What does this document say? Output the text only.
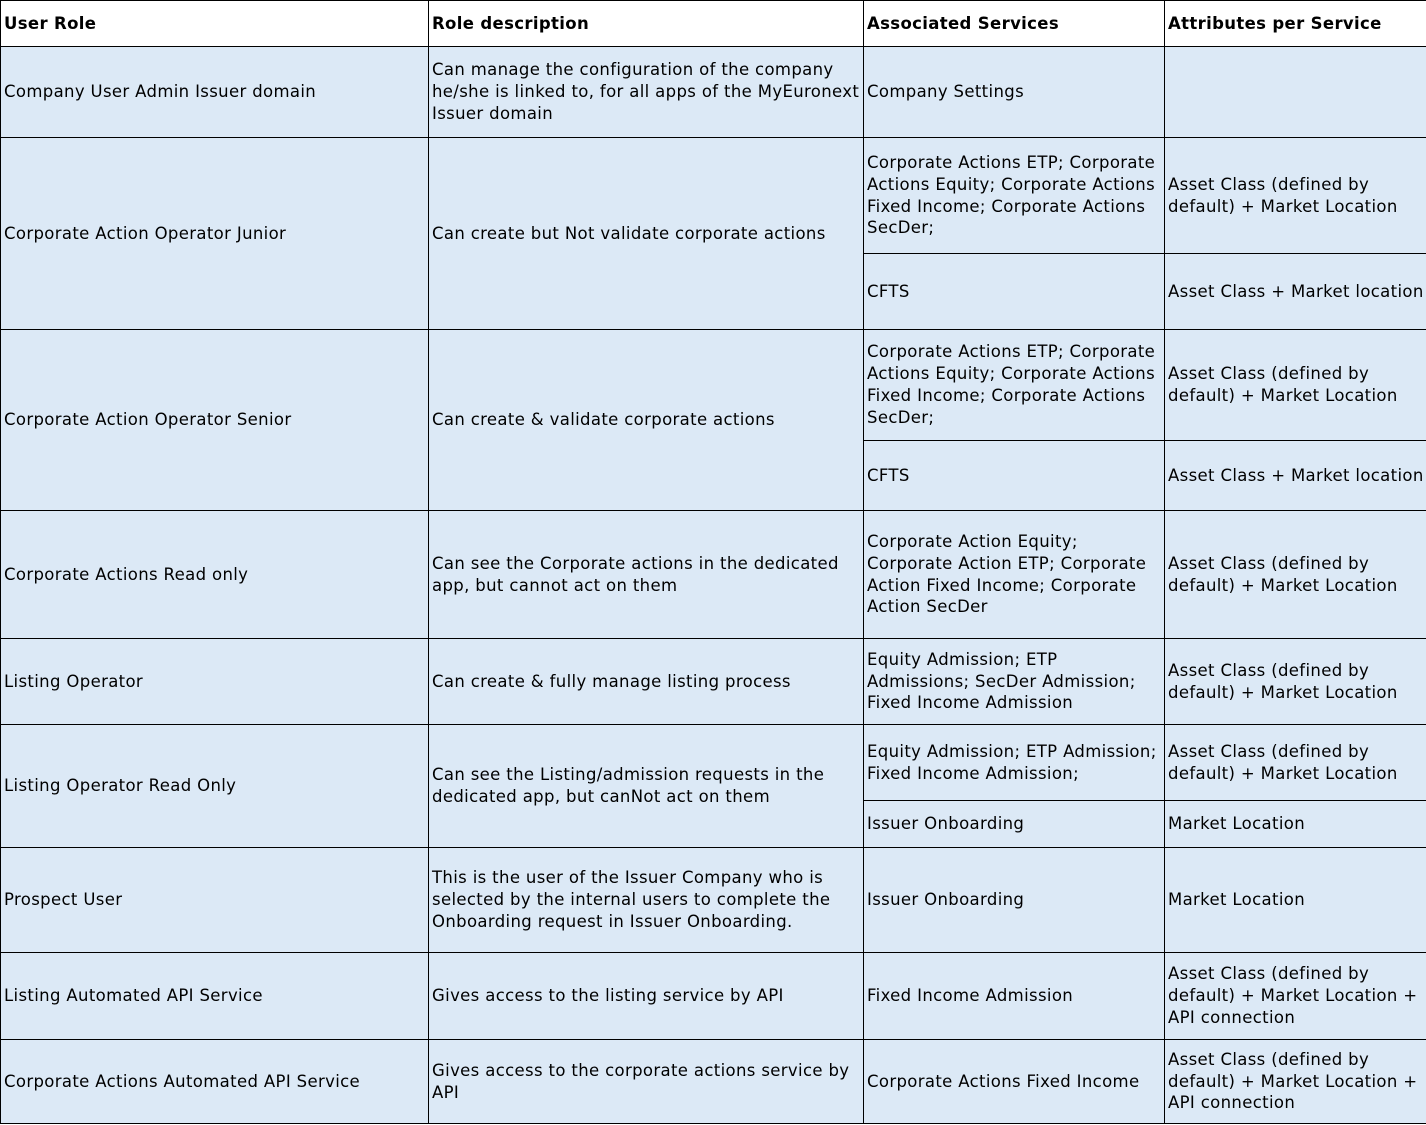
User Role	Role description	Associated Services	Attributes per Service
Company User Admin Issuer domain	Can manage the configuration of the company he/she is linked to, for all apps of the MyEuronext Issuer domain	Company Settings	
Corporate Action Operator Junior	Can create but Not validate corporate actions	Corporate Actions ETP; Corporate Actions Equity; Corporate Actions Fixed Income; Corporate Actions SecDer;	Asset Class (defined by default) + Market Location
		CFTS	Asset Class + Market location
Corporate Action Operator Senior	Can create & validate corporate actions	Corporate Actions ETP; Corporate Actions Equity; Corporate Actions Fixed Income; Corporate Actions SecDer;	Asset Class (defined by default) + Market Location
		CFTS	Asset Class + Market location
Corporate Actions Read only	Can see the Corporate actions in the dedicated app, but cannot act on them	Corporate Action Equity; Corporate Action ETP; Corporate Action Fixed Income; Corporate Action SecDer	Asset Class (defined by default) + Market Location
Listing Operator	Can create & fully manage listing process	Equity Admission; ETP Admissions; SecDer Admission; Fixed Income Admission	Asset Class (defined by default) + Market Location
Listing Operator Read Only	Can see the Listing/admission requests in the dedicated app, but canNot act on them	Equity Admission; ETP Admission; Fixed Income Admission;	Asset Class (defined by default) + Market Location
		Issuer Onboarding	Market Location
Prospect User	This is the user of the Issuer Company who is selected by the internal users to complete the Onboarding request in Issuer Onboarding.	Issuer Onboarding	Market Location
Listing Automated API Service	Gives access to the listing service by API	Fixed Income Admission	Asset Class (defined by default) + Market Location + API connection
Corporate Actions Automated API Service	Gives access to the corporate actions service by API	Corporate Actions Fixed Income	Asset Class (defined by default) + Market Location + API connection
